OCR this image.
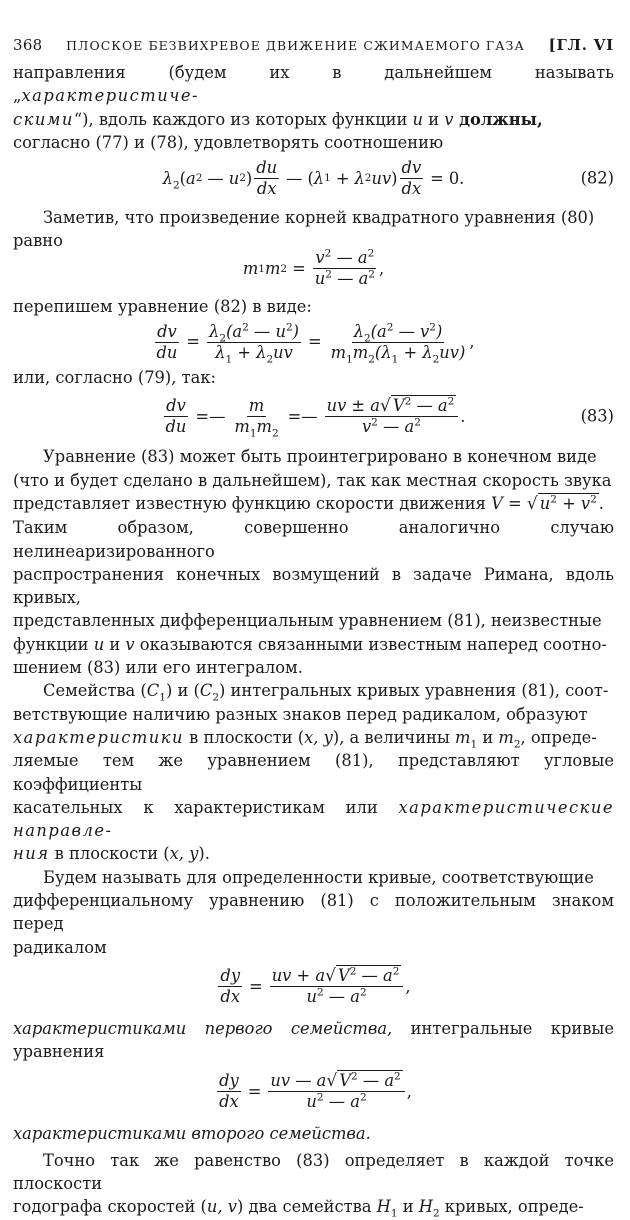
368 ПЛОСКОЕ БЕЗВИХРЕВОЕ ДВИЖЕНИЕ СЖИМАЕМОГО ГАЗА [ГЛ. VI

направления (будем их в дальнейшем называть „характеристиче-
скими“), вдоль каждого из которых функции u и v должны,
согласно (77) и (78), удовлетворять соотношению

$\lambda_2$ ( a 2 — u 2 )
du
dx
— ( λ 1 + λ 2 uv ) $\frac{dv}{dx} = 0$.	(82)

Заметив, что произведение корней квадратного уравнения (80)
равно

m 1 m $2 = \frac{v^2 — a^2}{u^2 — a^2}$ ,

перепишем уравнение (82) в виде:

$\frac{dv}{du} = \frac{\lambda_2(a^2 — u^2)}{\lambda_1 + \lambda_2uv} = \frac{\lambda_2(a^2 — v^2)}{m_1m_2(\lambda_1 + \lambda_2uv)}$ ,

или, согласно (79), так:

$\frac{dv}{du}$ =— $\frac{m}{m_1m_2}$ =—
uv ± a√ $V^2$ — $a^2$
$v^2$ — $a^2$ .	(83)

Уравнение (83) может быть проинтегрировано в конечном виде
(что и будет сделано в дальнейшем), так как местная скорость звука
представляет известную функцию скорости движения V = √ $u^2 + v^2$ .
Таким образом, совершенно аналогично случаю нелинеаризированного
распространения конечных возмущений в задаче Римана, вдоль кривых,
представленных дифференциальным уравнением (81), неизвестные
функции u и v оказываются связанными известным наперед соотно-
шением (83) или его интегралом.

Семейства $(C_1)$ и $(C_2)$ интегральных кривых уравнения (81), соот-
ветствующие наличию разных знаков перед радикалом, образуют
характеристики в плоскости (x, y), а величины $m_1$ и $m_2$, опреде-
ляемые тем же уравнением (81), представляют угловые коэффициенты
касательных к характеристикам или характеристические направле-
ния в плоскости (x, y).

Будем называть для определенности кривые, соответствующие
дифференциальному уравнению (81) с положительным знаком перед
радикалом

$\frac{dy}{dx} = \frac{uv + a√ V^2 — a^2}{u^2 — a^2}$ ,

характеристиками первого семейства, интегральные кривые уравнения

$\frac{dy}{dx} = \frac{uv — a√ V^2 — a^2}{u^2 — a^2}$ ,

характеристиками второго семейства.

Точно так же равенство (83) определяет в каждой точке плоскости
годографа скоростей (u, v) два семейства $H_1$ и $H_2$ кривых, опреде-
